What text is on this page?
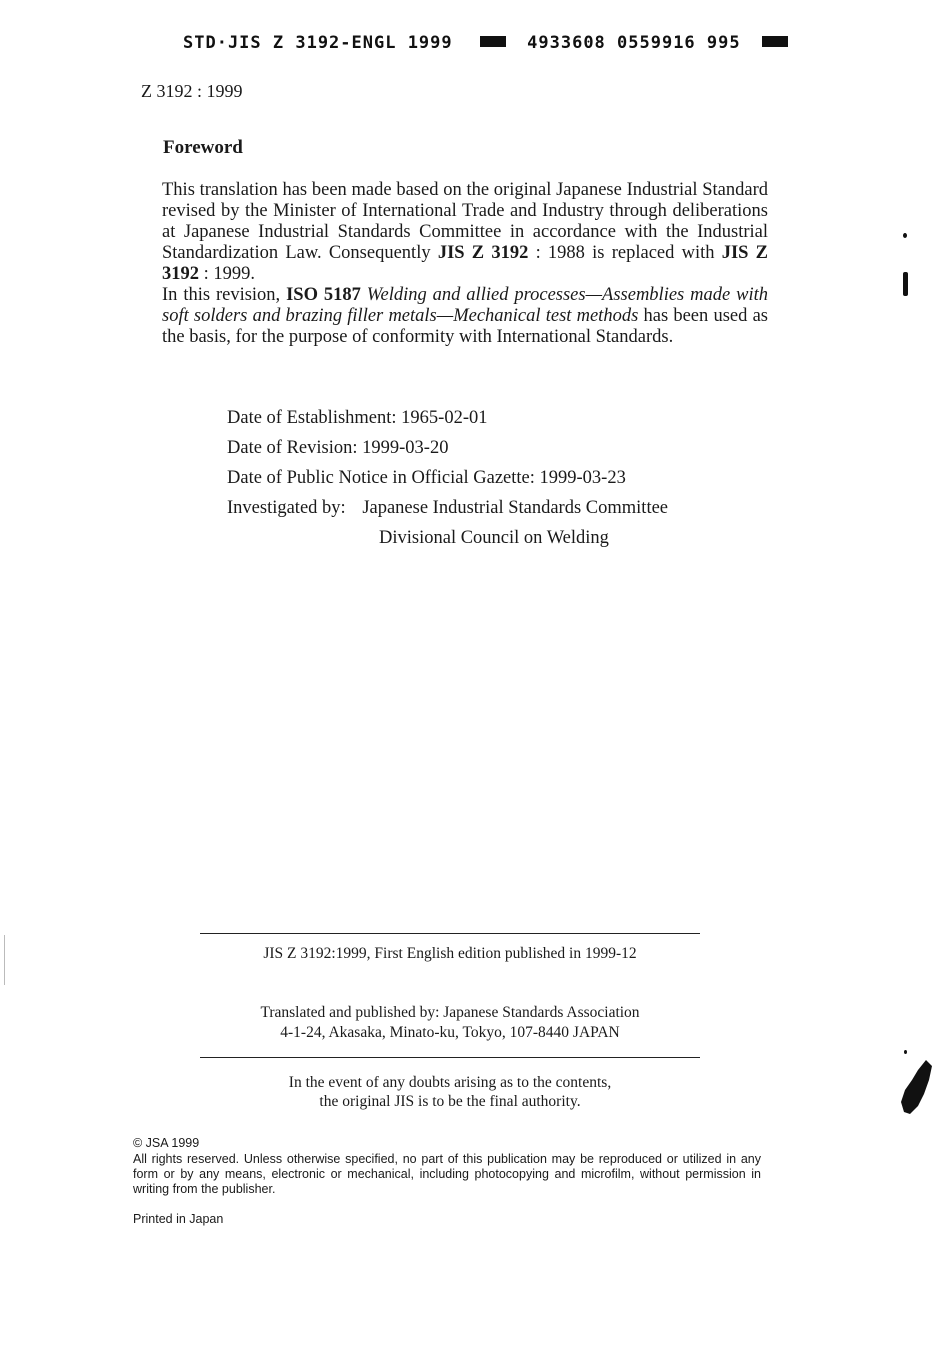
STD·JIS Z 3192-ENGL 1999	4933608 0559916 995
Z 3192 : 1999
Foreword

This translation has been made based on the original Japanese Industrial Standard revised by the Minister of International Trade and Industry through deliberations at Japanese Industrial Standards Committee in accordance with the Industrial Standardization Law. Consequently JIS Z 3192 : 1988 is replaced with JIS Z 3192 : 1999.

In this revision, ISO 5187 Welding and allied processes—Assemblies made with soft solders and brazing filler metals—Mechanical test methods has been used as the basis, for the purpose of conformity with International Standards.

Date of Establishment: 1965-02-01
Date of Revision: 1999-03-20
Date of Public Notice in Official Gazette: 1999-03-23
Investigated by: Japanese Industrial Standards Committee
Divisional Council on Welding
JIS Z 3192:1999, First English edition published in 1999-12
Translated and published by: Japanese Standards Association
4-1-24, Akasaka, Minato-ku, Tokyo, 107-8440 JAPAN
In the event of any doubts arising as to the contents,
the original JIS is to be the final authority.
© JSA 1999
All rights reserved. Unless otherwise specified, no part of this publication may be reproduced or utilized in any form or by any means, electronic or mechanical, including photocopying and microfilm, without permission in writing from the publisher.
Printed in Japan
